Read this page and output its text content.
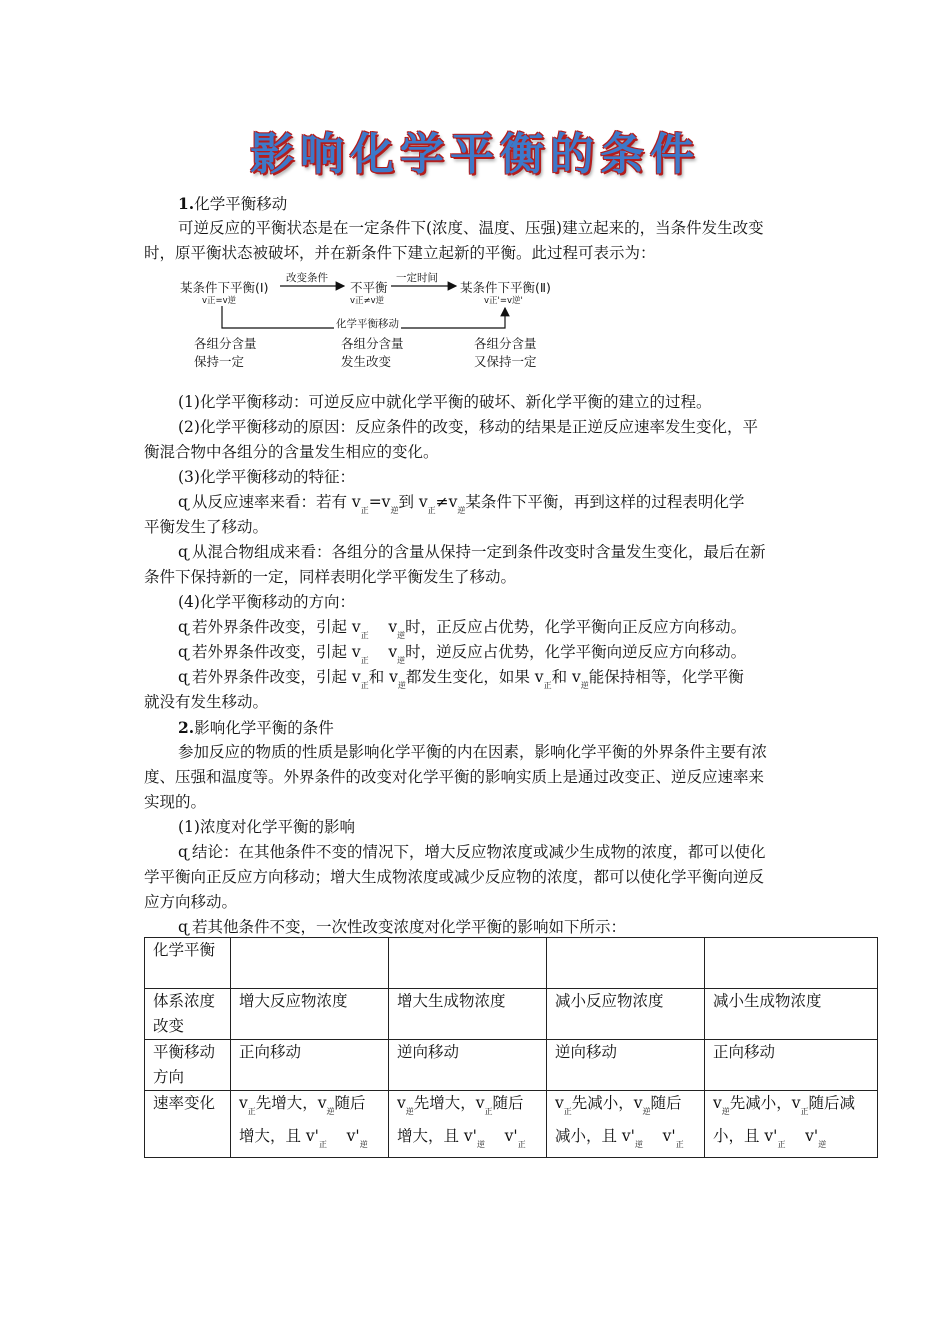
影响化学平衡的条件
1.化学平衡移动
可逆反应的平衡状态是在一定条件下(浓度、温度、压强)建立起来的，当条件发生改变
时，原平衡状态被破坏，并在新条件下建立起新的平衡。此过程可表示为：
某条件下平衡(Ⅰ)
改变条件
不平衡
一定时间
某条件下平衡(Ⅱ)
v正=v逆	v正≠v逆	v正'=v逆'
化学平衡移动
各组分含量
保持一定
各组分含量
发生改变
各组分含量
又保持一定
(1)化学平衡移动：可逆反应中就化学平衡的破坏、新化学平衡的建立的过程。
(2)化学平衡移动的原因：反应条件的改变，移动的结果是正逆反应速率发生变化，平
衡混合物中各组分的含量发生相应的变化。
(3)化学平衡移动的特征：
ɋ 从反应速率来看：若有 $v_正=v_逆$到 $v_正\ne v_逆$某条件下平衡，再到这样的过程表明化学
平衡发生了移动。
ɋ 从混合物组成来看：各组分的含量从保持一定到条件改变时含量发生变化，最后在新
条件下保持新的一定，同样表明化学平衡发生了移动。
(4)化学平衡移动的方向：
ɋ 若外界条件改变，引起 $v_正$    $v_逆$时，正反应占优势，化学平衡向正反应方向移动。
ɋ 若外界条件改变，引起 $v_正$    $v_逆$时，逆反应占优势，化学平衡向逆反应方向移动。
ɋ 若外界条件改变，引起 $v_正$和 $v_逆$都发生变化，如果 $v_正$和 $v_逆$能保持相等，化学平衡
就没有发生移动。
2.影响化学平衡的条件
参加反应的物质的性质是影响化学平衡的内在因素，影响化学平衡的外界条件主要有浓
度、压强和温度等。外界条件的改变对化学平衡的影响实质上是通过改变正、逆反应速率来
实现的。
(1)浓度对化学平衡的影响
ɋ 结论：在其他条件不变的情况下，增大反应物浓度或减少生成物的浓度，都可以使化
学平衡向正反应方向移动；增大生成物浓度或减少反应物的浓度，都可以使化学平衡向逆反
应方向移动。
ɋ 若其他条件不变，一次性改变浓度对化学平衡的影响如下所示：
化学平衡				
体系浓度
改变	增大反应物浓度	增大生成物浓度	减小反应物浓度	减小生成物浓度
平衡移动
方向	正向移动	逆向移动	逆向移动	正向移动
速率变化	$v_正$先增大，$v_逆$随后
增大，且 $v'_正$    $v'_逆$	$v_逆$先增大，$v_正$随后
增大，且 $v'_逆$    $v'_正$	$v_正$先减小，$v_逆$随后
减小，且 $v'_逆$    $v'_正$	$v_逆$先减小，$v_正$随后减
小，且 $v'_正$    $v'_逆$
